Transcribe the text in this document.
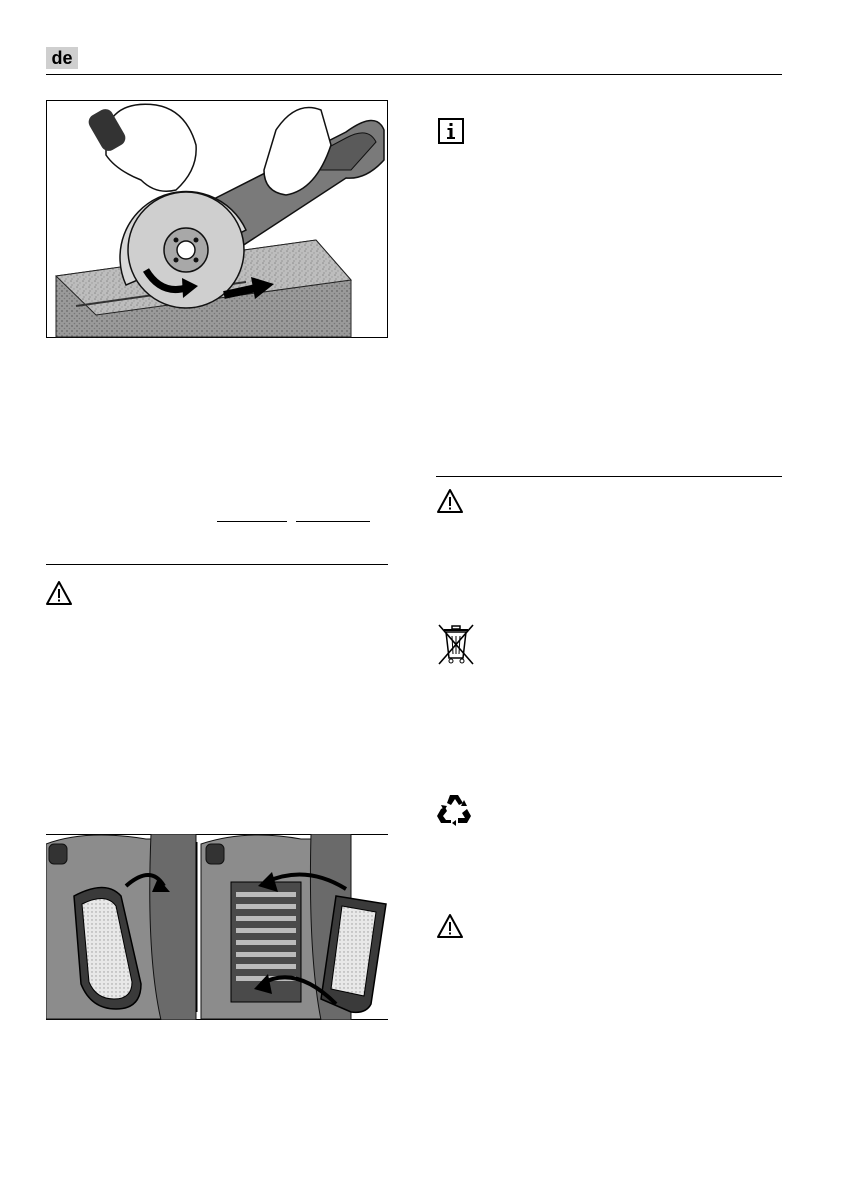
de
